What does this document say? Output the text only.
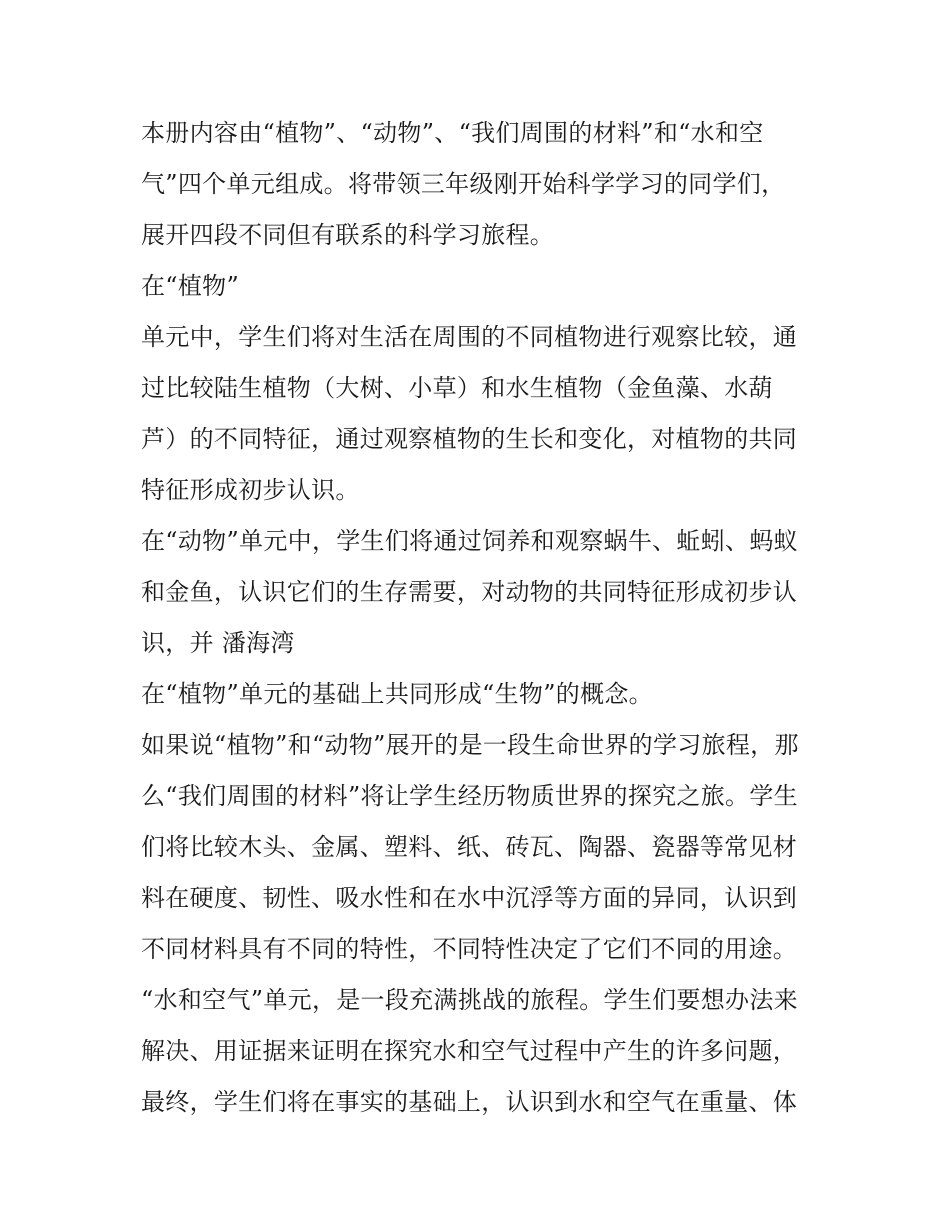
本册内容由“植物”、“动物”、“我们周围的材料”和“水和空
气”四个单元组成。将带领三年级刚开始科学学习的同学们，
展开四段不同但有联系的科学习旅程。
在“植物”
单元中，学生们将对生活在周围的不同植物进行观察比较，通
过比较陆生植物（大树、小草）和水生植物（金鱼藻、水葫
芦）的不同特征，通过观察植物的生长和变化，对植物的共同
特征形成初步认识。
在“动物”单元中，学生们将通过饲养和观察蜗牛、蚯蚓、蚂蚁
和金鱼，认识它们的生存需要，对动物的共同特征形成初步认
识，并 潘海湾
在“植物”单元的基础上共同形成“生物”的概念。
如果说“植物”和“动物”展开的是一段生命世界的学习旅程，那
么“我们周围的材料”将让学生经历物质世界的探究之旅。学生
们将比较木头、金属、塑料、纸、砖瓦、陶器、瓷器等常见材
料在硬度、韧性、吸水性和在水中沉浮等方面的异同，认识到
不同材料具有不同的特性，不同特性决定了它们不同的用途。
“水和空气”单元，是一段充满挑战的旅程。学生们要想办法来
解决、用证据来证明在探究水和空气过程中产生的许多问题，
最终，学生们将在事实的基础上，认识到水和空气在重量、体
